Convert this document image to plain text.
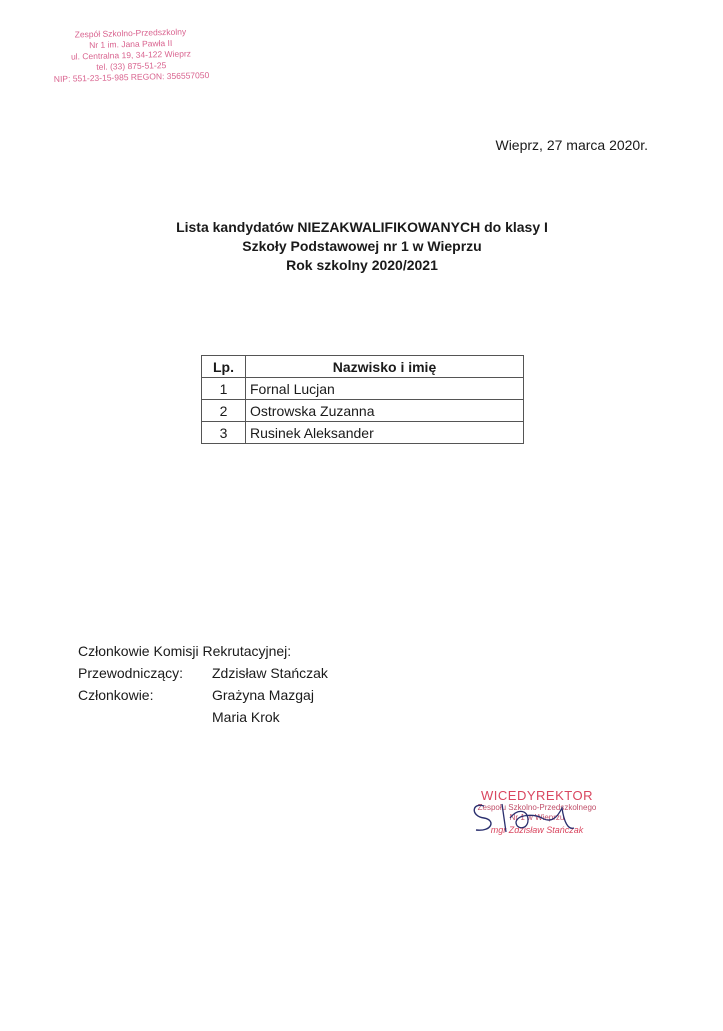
Zespół Szkolno-Przedszkolny
Nr 1 im. Jana Pawła II
ul. Centralna 19, 34-122 Wieprz
tel. (33) 875-51-25
NIP: 551-23-15-985 REGON: 356557050
Wieprz, 27 marca 2020r.
Lista kandydatów NIEZAKWALIFIKOWANYCH do klasy I
Szkoły Podstawowej nr 1 w Wieprzu
Rok szkolny 2020/2021
Lp.	Nazwisko i imię
1	Fornal Lucjan
2	Ostrowska Zuzanna
3	Rusinek Aleksander
Członkowie Komisji Rekrutacyjnej:
Przewodniczący: Zdzisław Stańczak
Członkowie:	Grażyna Mazgaj
Maria Krok
WICEDYREKTOR
Zespołu Szkolno-Przedszkolnego
Nr 1 w Wieprzu
mgr Zdzisław Stańczak
